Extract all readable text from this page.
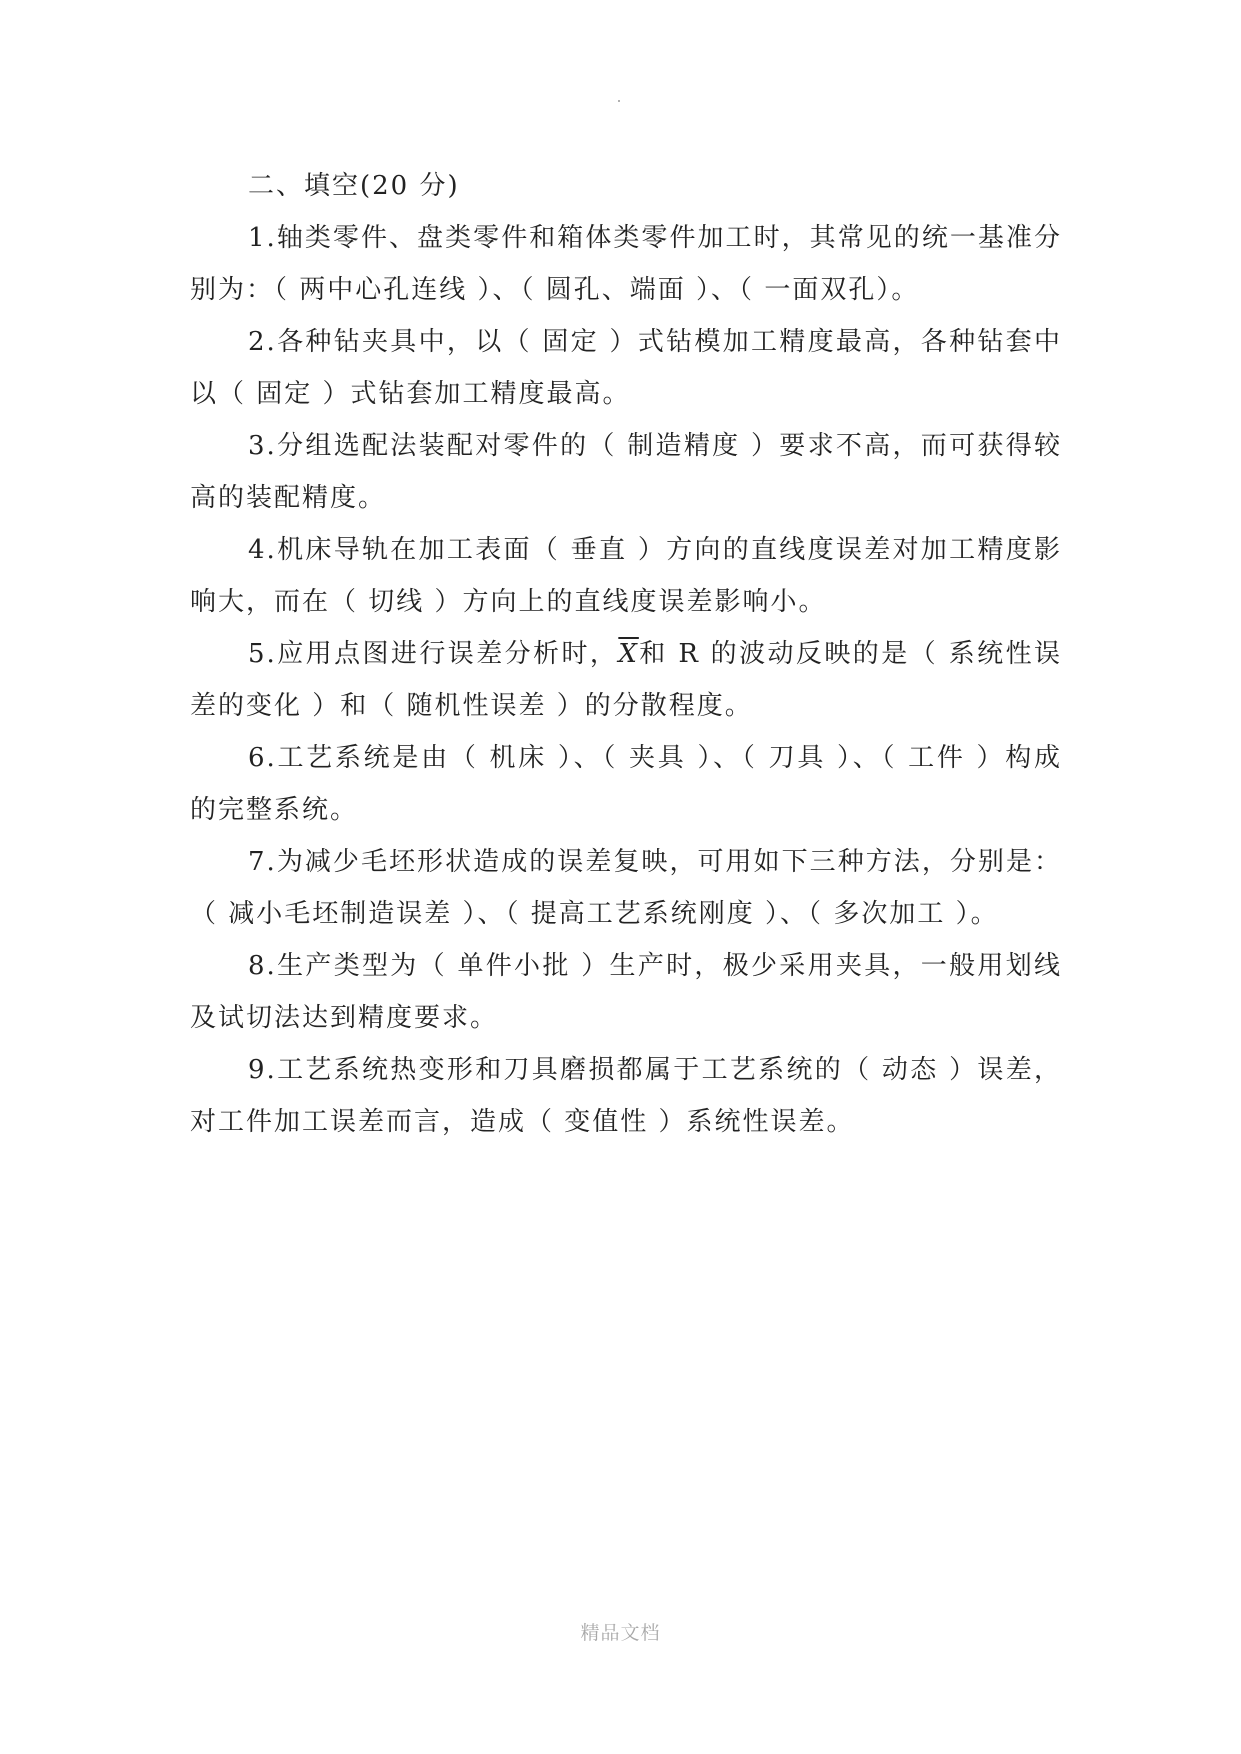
二、填空(20 分)

1.轴类零件、盘类零件和箱体类零件加工时，其常见的统一基准分别为：（ 两中心孔连线 ）、（ 圆孔、端面 ）、（ 一面双孔）。

2.各种钻夹具中，以（ 固定 ）式钻模加工精度最高，各种钻套中以（ 固定 ）式钻套加工精度最高。

3.分组选配法装配对零件的（ 制造精度 ）要求不高，而可获得较高的装配精度。

4.机床导轨在加工表面（ 垂直 ）方向的直线度误差对加工精度影响大，而在（ 切线 ）方向上的直线度误差影响小。

5.应用点图进行误差分析时，$\overline{X}$和 R 的波动反映的是（ 系统性误差的变化 ）和（ 随机性误差 ）的分散程度。

6.工艺系统是由（ 机床 ）、（ 夹具 ）、（ 刀具 ）、（ 工件 ）构成的完整系统。

7.为减少毛坯形状造成的误差复映，可用如下三种方法，分别是：（ 减小毛坯制造误差 ）、（ 提高工艺系统刚度 ）、（ 多次加工 ）。

8.生产类型为（ 单件小批 ）生产时，极少采用夹具，一般用划线及试切法达到精度要求。

9.工艺系统热变形和刀具磨损都属于工艺系统的（ 动态 ）误差，对工件加工误差而言，造成（ 变值性 ）系统性误差。

精品文档
